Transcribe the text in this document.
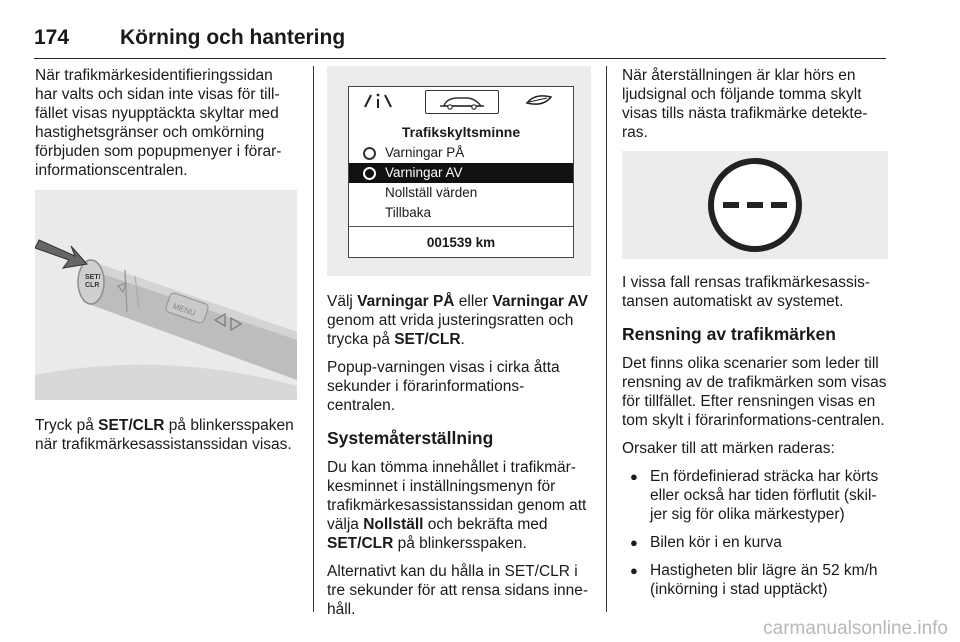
174 Körning och hantering

När trafikmärkesidentifieringssidan har valts och sidan inte visas för till-fället visas nyupptäckta skyltar med hastighetsgränser och omkörning förbjuden som popupmenyer i förar-informationscentralen.

MENU
SET/ CLR

Tryck på SET/CLR på blinkersspaken när trafikmärkesassistanssidan visas.

Trafikskyltsminne
Varningar PÅ
Varningar AV
Nollställ värden
Tillbaka
001539 km

Välj Varningar PÅ eller Varningar AV genom att vrida justeringsratten och trycka på SET/CLR.

Popup-varningen visas i cirka åtta sekunder i förarinformations-centralen.

Systemåterställning

Du kan tömma innehållet i trafikmär-kesminnet i inställningsmenyn för trafikmärkesassistanssidan genom att välja Nollställ och bekräfta med SET/CLR på blinkersspaken.

Alternativt kan du hålla in SET/CLR i tre sekunder för att rensa sidans inne-håll.

När återställningen är klar hörs en ljudsignal och följande tomma skylt visas tills nästa trafikmärke detekte-ras.

I vissa fall rensas trafikmärkesassis-tansen automatiskt av systemet.

Rensning av trafikmärken

Det finns olika scenarier som leder till rensning av de trafikmärken som visas för tillfället. Efter rensningen visas en tom skylt i förarinformations-centralen.

Orsaker till att märken raderas:

● En fördefinierad sträcka har körts eller också har tiden förflutit (skil-jer sig för olika märkestyper)
● Bilen kör i en kurva
● Hastigheten blir lägre än 52 km/h (inkörning i stad upptäckt)
carmanualsonline.info
